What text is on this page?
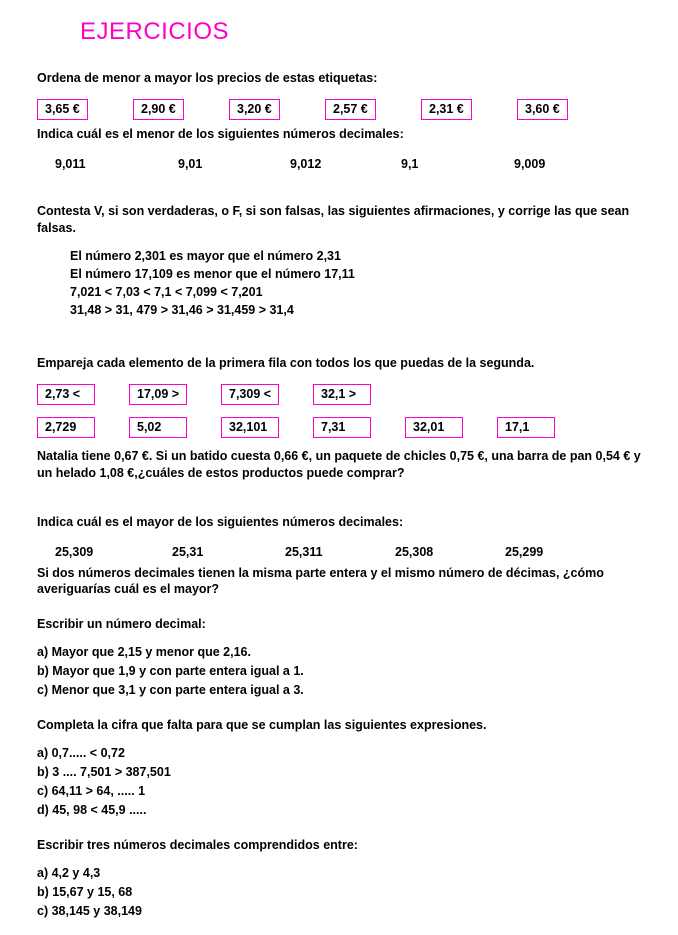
EJERCICIOS

Ordena de menor a mayor los precios de estas etiquetas:

3,65 €	2,90 €	3,20 €	2,57 €	2,31 €	3,60 €

Indica cuál es el menor de los siguientes números decimales:

9,011	9,01	9,012	9,1	9,009

Contesta V, si son verdaderas, o F, si son falsas, las siguientes afirmaciones, y corrige las que sean falsas.

El número 2,301 es mayor que el número 2,31
El número 17,109 es menor que el número 17,11
7,021 < 7,03 < 7,1 < 7,099 < 7,201
31,48 > 31, 479 > 31,46 > 31,459 > 31,4

Empareja cada elemento de la primera fila con todos los que puedas de la segunda.

2,73 <	17,09 >	7,309 <	32,1 >
2,729	5,02	32,101	7,31	32,01	17,1

Natalia tiene 0,67 €. Si un batido cuesta 0,66 €, un paquete de chicles 0,75 €, una barra de pan 0,54 € y un helado 1,08 €,¿cuáles de estos productos puede comprar?

Indica cuál es el mayor de los siguientes números decimales:

25,309	25,31	25,311	25,308	25,299

Si dos números decimales tienen la misma parte entera y el mismo número de décimas, ¿cómo averiguarías cuál es el mayor?

Escribir un número decimal:

a) Mayor que 2,15 y menor que 2,16.
b) Mayor que 1,9 y con parte entera igual a 1.
c) Menor que 3,1 y con parte entera igual a 3.

Completa la cifra que falta para que se cumplan las siguientes expresiones.

a) 0,7..... < 0,72
b) 3 .... 7,501 > 387,501
c) 64,11 > 64, ..... 1
d) 45, 98 < 45,9 .....

Escribir tres números decimales comprendidos entre:

a) 4,2 y 4,3
b) 15,67 y 15, 68
c) 38,145 y 38,149
